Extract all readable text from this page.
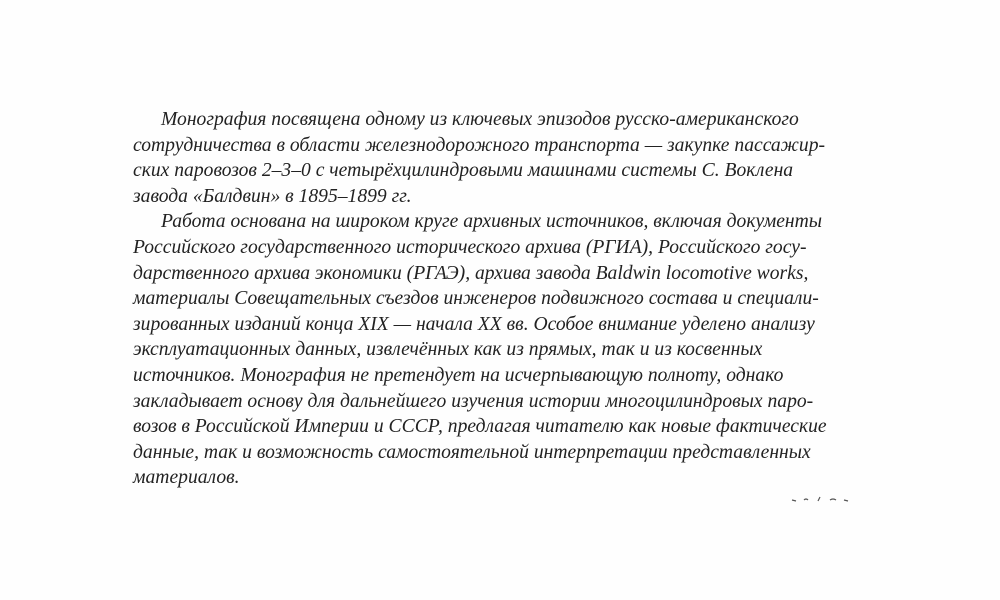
Монография посвящена одному из ключевых эпизодов русско-американского
сотрудничества в области железнодорожного транспорта — закупке пассажир-
ских паровозов 2–3–0 с четырёхцилиндровыми машинами системы С. Воклена
завода «Балдвин» в 1895–1899 гг.
Работа основана на широком круге архивных источников, включая документы
Российского государственного исторического архива (РГИА), Российского госу-
дарственного архива экономики (РГАЭ), архива завода Baldwin locomotive works,
материалы Совещательных съездов инженеров подвижного состава и специали-
зированных изданий конца XIX — начала XX вв. Особое внимание уделено анализу
эксплуатационных данных, извлечённых как из прямых, так и из косвенных
источников. Монография не претендует на исчерпывающую полноту, однако
закладывает основу для дальнейшего изучения истории многоцилиндровых паро-
возов в Российской Империи и СССР, предлагая читателю как новые фактические
данные, так и возможность самостоятельной интерпретации представленных
материалов.
